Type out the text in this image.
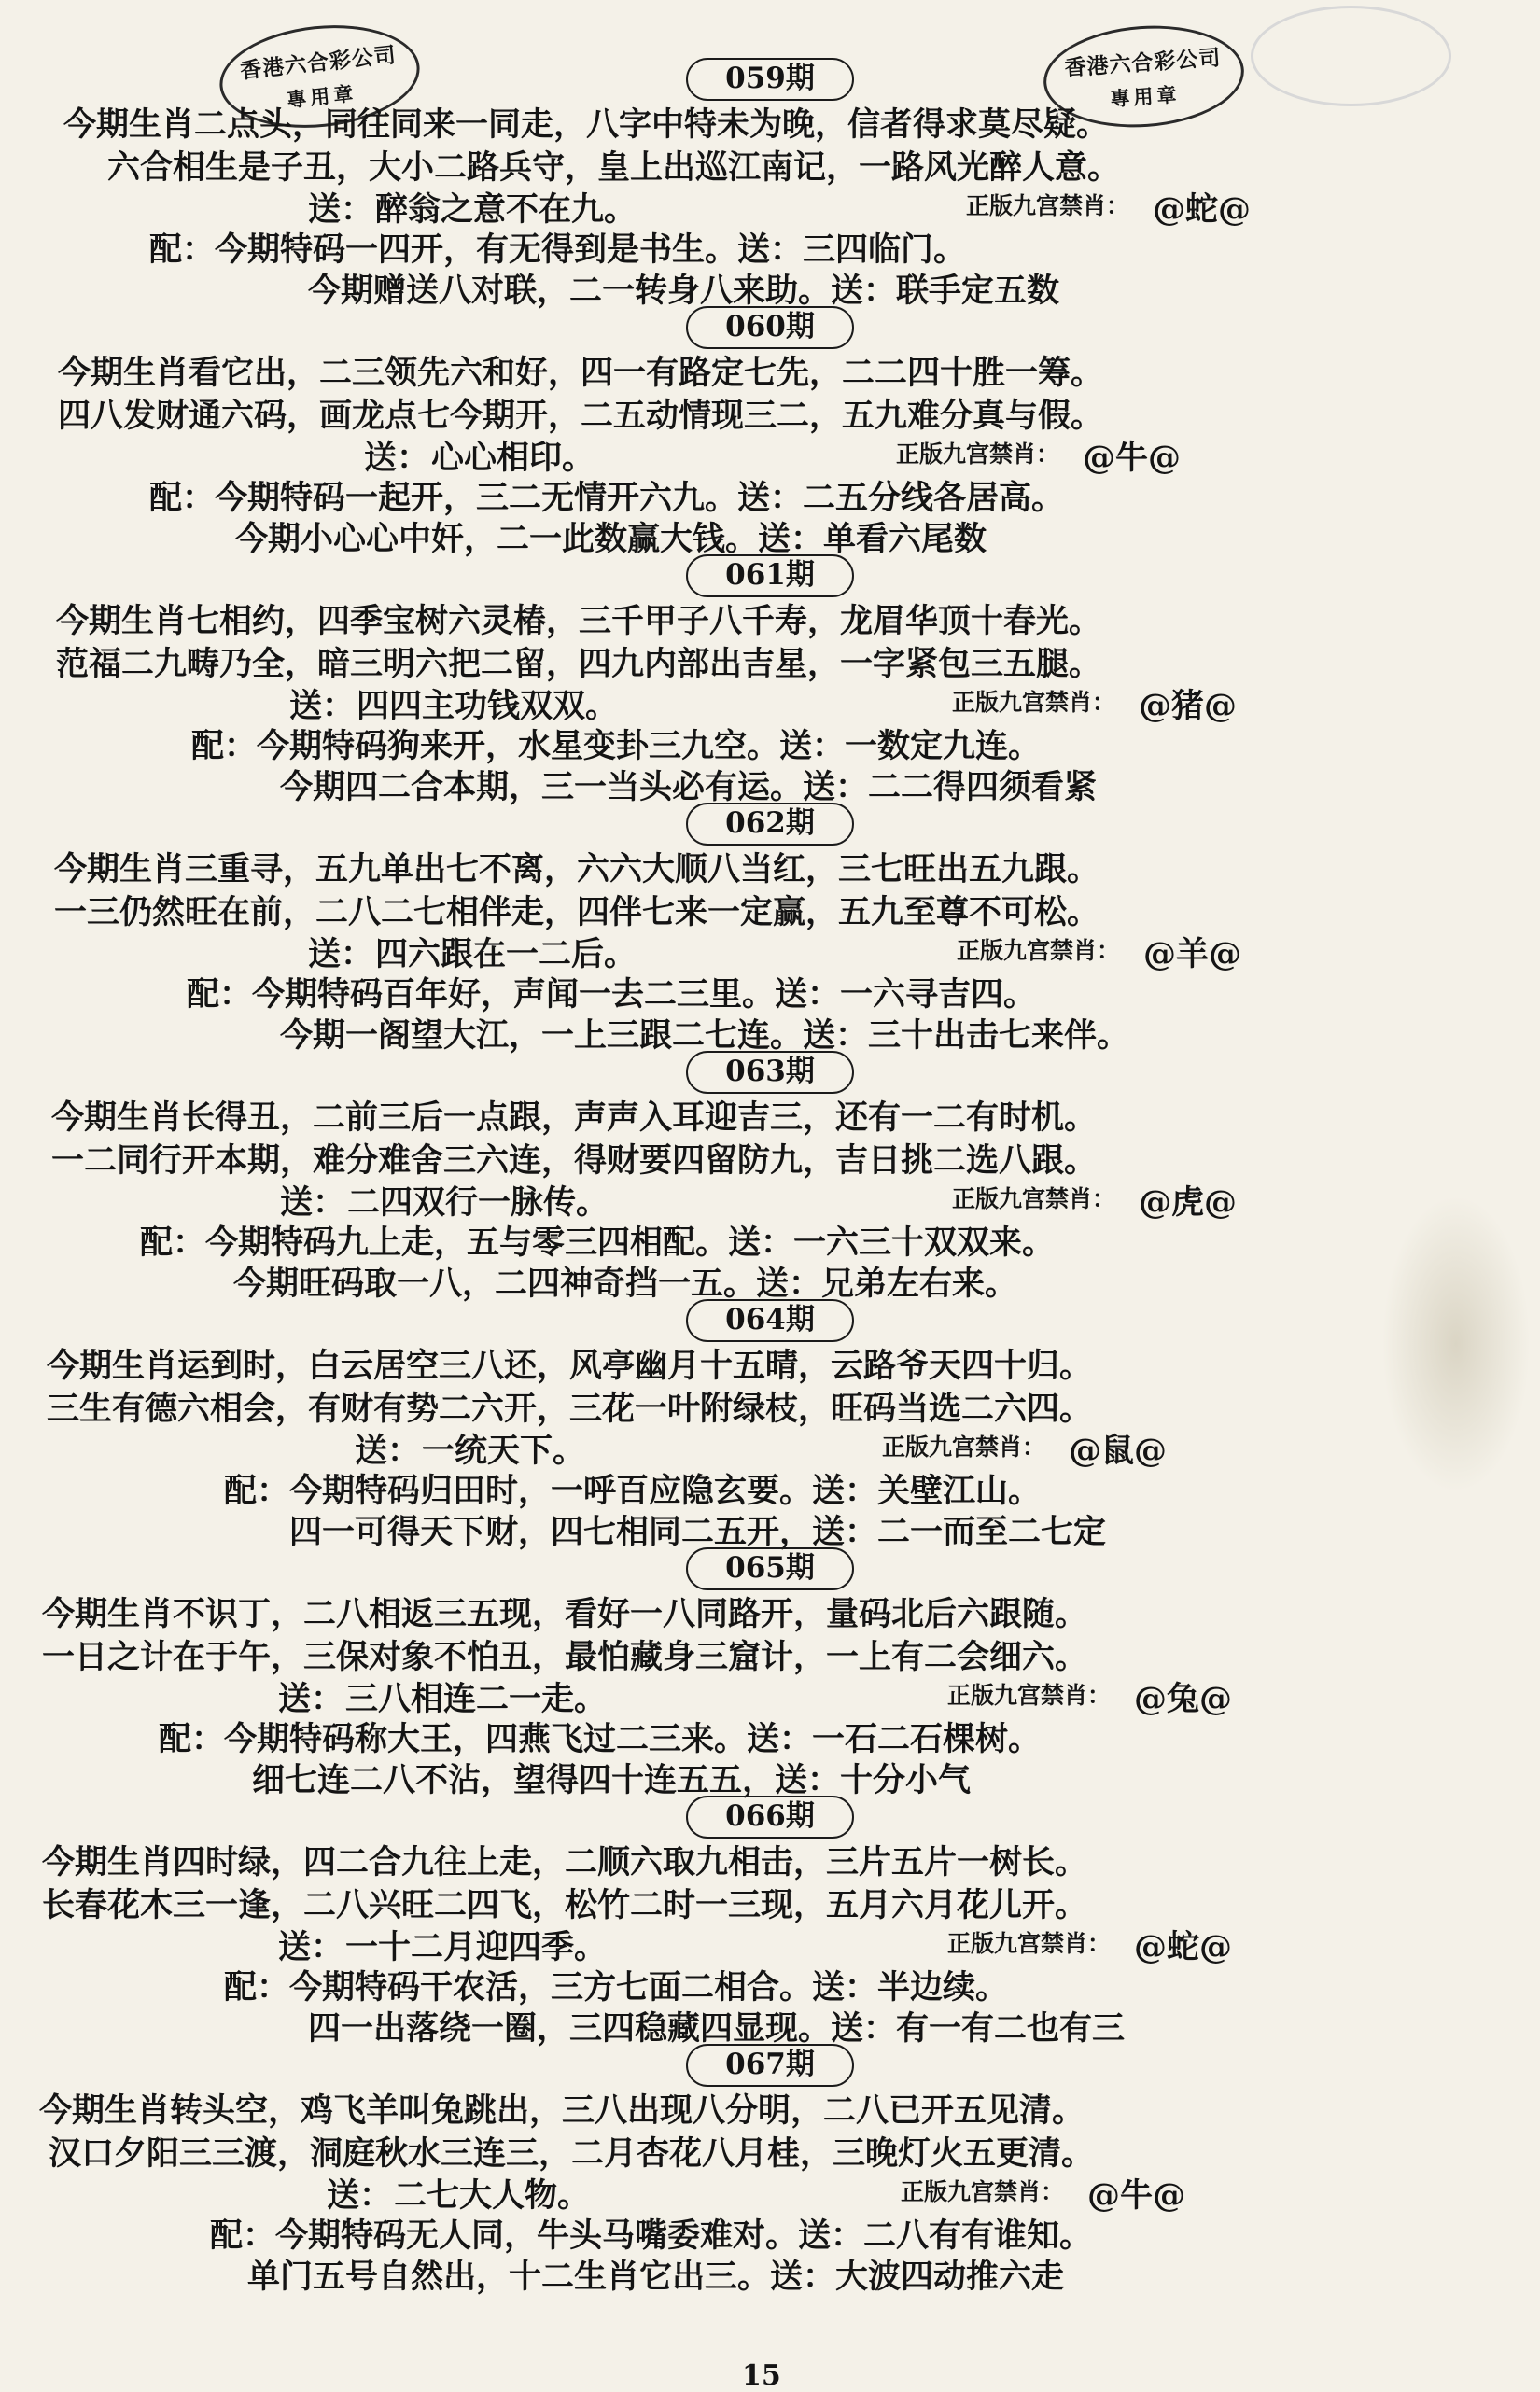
香港六合彩公司
專用章
香港六合彩公司
專用章
059期
今期生肖二点头，同往同来一同走，八字中特未为晚，信者得求莫尽疑。
六合相生是子丑，大小二路兵守，皇上出巡江南记，一路风光醉人意。
送： 醉翁之意不在九。	正版九宫禁肖： @蛇@
配：今期特码一四开，有无得到是书生。送：三四临门。
今期赠送八对联，二一转身八来助。送：联手定五数
060期
今期生肖看它出，二三领先六和好，四一有路定七先，二二四十胜一筹。
四八发财通六码，画龙点七今期开，二五动情现三二，五九难分真与假。
送： 心心相印。	正版九宫禁肖： @牛@
配：今期特码一起开，三二无情开六九。送：二五分线各居高。
今期小心心中奸，二一此数赢大钱。送：单看六尾数
061期
今期生肖七相约，四季宝树六灵椿，三千甲子八千寿，龙眉华顶十春光。
范福二九畴乃全，暗三明六把二留，四九内部出吉星，一字紧包三五腿。
送： 四四主功钱双双。	正版九宫禁肖： @猪@
配：今期特码狗来开，水星变卦三九空。送：一数定九连。
今期四二合本期，三一当头必有运。送：二二得四须看紧
062期
今期生肖三重寻，五九单出七不离，六六大顺八当红，三七旺出五九跟。
一三仍然旺在前，二八二七相伴走，四伴七来一定赢，五九至尊不可松。
送： 四六跟在一二后。	正版九宫禁肖： @羊@
配：今期特码百年好，声闻一去二三里。送：一六寻吉四。
今期一阁望大江，一上三跟二七连。送：三十出击七来伴。
063期
今期生肖长得丑，二前三后一点跟，声声入耳迎吉三，还有一二有时机。
一二同行开本期，难分难舍三六连，得财要四留防九，吉日挑二选八跟。
送： 二四双行一脉传。	正版九宫禁肖： @虎@
配：今期特码九上走，五与零三四相配。送：一六三十双双来。
今期旺码取一八，二四神奇挡一五。送：兄弟左右来。
064期
今期生肖运到时，白云居空三八还，风亭幽月十五晴，云路爷天四十归。
三生有德六相会，有财有势二六开，三花一叶附绿枝，旺码当选二六四。
送： 一统天下。	正版九宫禁肖： @鼠@
配：今期特码归田时，一呼百应隐玄要。送：关壁江山。
四一可得天下财，四七相同二五开，送：二一而至二七定
065期
今期生肖不识丁，二八相返三五现，看好一八同路开，量码北后六跟随。
一日之计在于午，三保对象不怕丑，最怕藏身三窟计，一上有二会细六。
送： 三八相连二一走。	正版九宫禁肖： @兔@
配：今期特码称大王，四燕飞过二三来。送：一石二石棵树。
细七连二八不沾，望得四十连五五，送：十分小气
066期
今期生肖四时绿，四二合九往上走，二顺六取九相击，三片五片一树长。
长春花木三一逢，二八兴旺二四飞，松竹二时一三现，五月六月花儿开。
送： 一十二月迎四季。	正版九宫禁肖： @蛇@
配：今期特码干农活，三方七面二相合。送：半边续。
四一出落绕一圈，三四稳藏四显现。送：有一有二也有三
067期
今期生肖转头空，鸡飞羊叫兔跳出，三八出现八分明，二八已开五见清。
汉口夕阳三三渡，洞庭秋水三连三，二月杏花八月桂，三晚灯火五更清。
送： 二七大人物。	正版九宫禁肖： @牛@
配：今期特码无人同，牛头马嘴委难对。送：二八有有谁知。
单门五号自然出，十二生肖它出三。送：大波四动推六走
15
